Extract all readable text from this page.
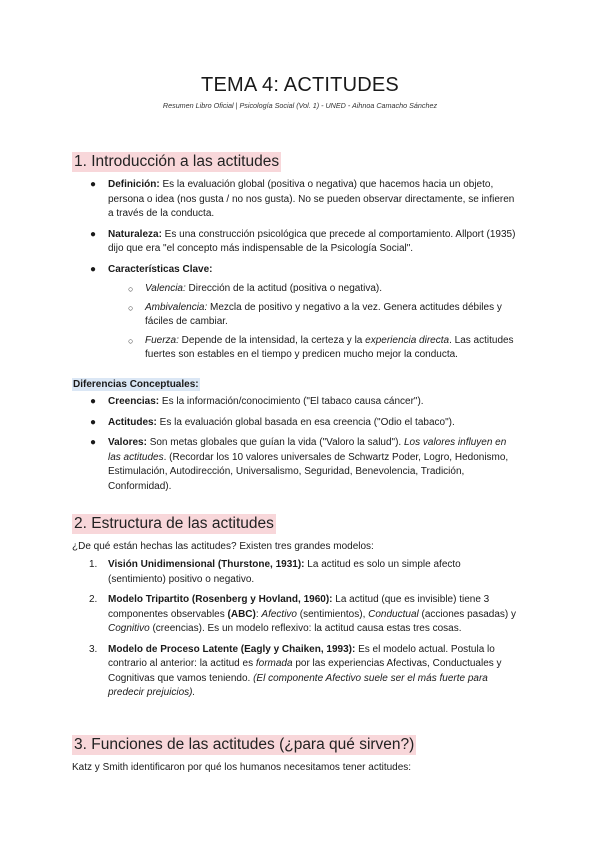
TEMA 4: ACTITUDES
Resumen Libro Oficial | Psicología Social (Vol. 1) - UNED - Aihnoa Camacho Sánchez
1. Introducción a las actitudes
● Definición: Es la evaluación global (positiva o negativa) que hacemos hacia un objeto, persona o idea (nos gusta / no nos gusta). No se pueden observar directamente, se infieren a través de la conducta.
● Naturaleza: Es una construcción psicológica que precede al comportamiento. Allport (1935) dijo que era "el concepto más indispensable de la Psicología Social".
● Características Clave:
○ Valencia: Dirección de la actitud (positiva o negativa).
○ Ambivalencia: Mezcla de positivo y negativo a la vez. Genera actitudes débiles y fáciles de cambiar.
○ Fuerza: Depende de la intensidad, la certeza y la experiencia directa. Las actitudes fuertes son estables en el tiempo y predicen mucho mejor la conducta.
Diferencias Conceptuales:
● Creencias: Es la información/conocimiento ("El tabaco causa cáncer").
● Actitudes: Es la evaluación global basada en esa creencia ("Odio el tabaco").
● Valores: Son metas globales que guían la vida ("Valoro la salud"). Los valores influyen en las actitudes. (Recordar los 10 valores universales de Schwartz Poder, Logro, Hedonismo, Estimulación, Autodirección, Universalismo, Seguridad, Benevolencia, Tradición, Conformidad).
2. Estructura de las actitudes
¿De qué están hechas las actitudes? Existen tres grandes modelos:
1. Visión Unidimensional (Thurstone, 1931): La actitud es solo un simple afecto (sentimiento) positivo o negativo.
2. Modelo Tripartito (Rosenberg y Hovland, 1960): La actitud (que es invisible) tiene 3 componentes observables (ABC): Afectivo (sentimientos), Conductual (acciones pasadas) y Cognitivo (creencias). Es un modelo reflexivo: la actitud causa estas tres cosas.
3. Modelo de Proceso Latente (Eagly y Chaiken, 1993): Es el modelo actual. Postula lo contrario al anterior: la actitud es formada por las experiencias Afectivas, Conductuales y Cognitivas que vamos teniendo. (El componente Afectivo suele ser el más fuerte para predecir prejuicios).
3. Funciones de las actitudes (¿para qué sirven?)
Katz y Smith identificaron por qué los humanos necesitamos tener actitudes:
